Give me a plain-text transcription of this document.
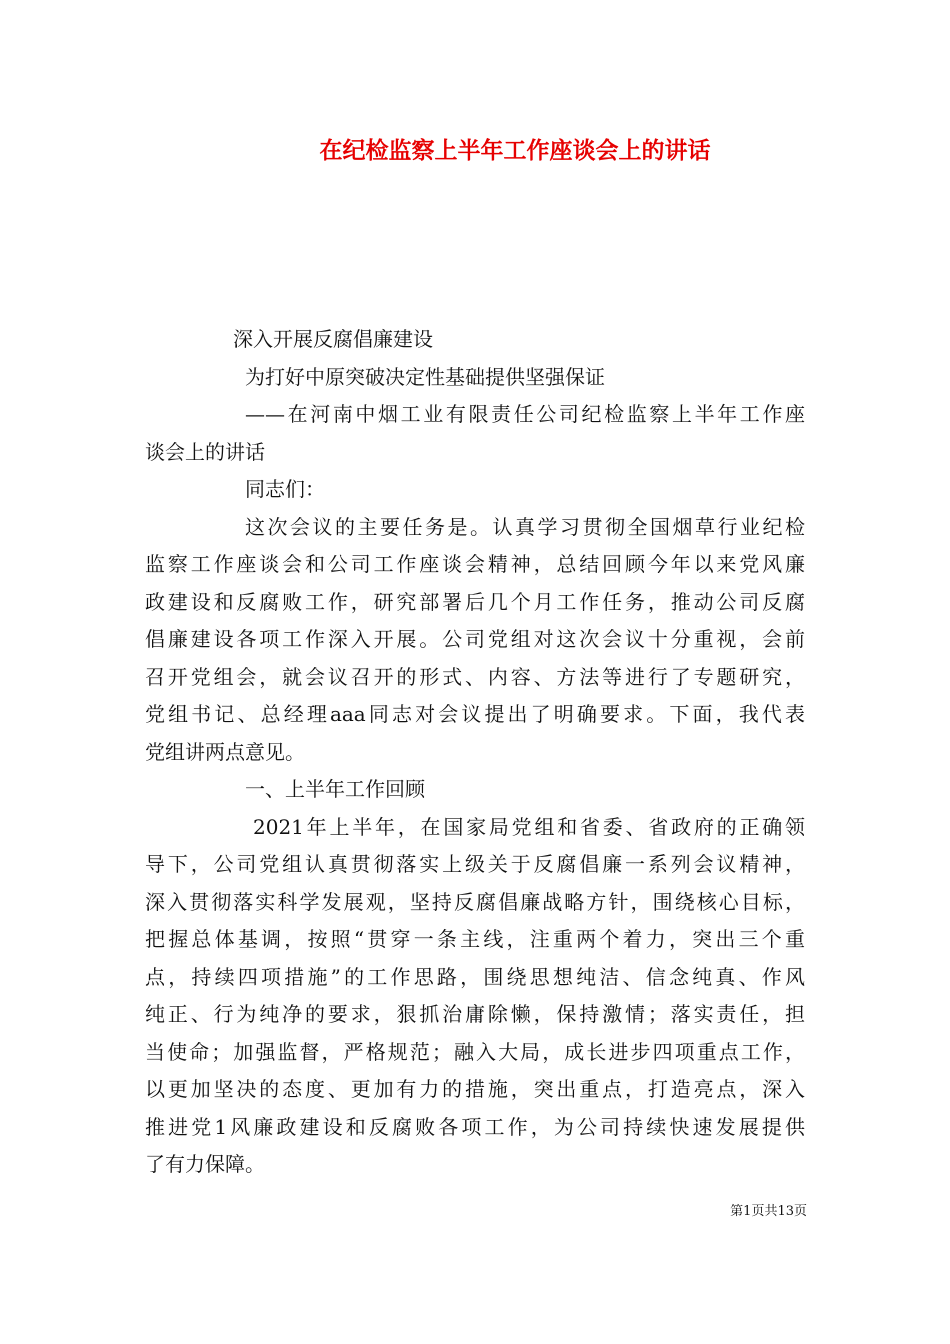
在纪检监察上半年工作座谈会上的讲话
深入开展反腐倡廉建设
为打好中原突破决定性基础提供坚强保证
——在河南中烟工业有限责任公司纪检监察上半年工作座
谈会上的讲话
同志们：
这次会议的主要任务是。认真学习贯彻全国烟草行业纪检
监察工作座谈会和公司工作座谈会精神，总结回顾今年以来党风廉
政建设和反腐败工作，研究部署后几个月工作任务，推动公司反腐
倡廉建设各项工作深入开展。公司党组对这次会议十分重视，会前
召开党组会，就会议召开的形式、内容、方法等进行了专题研究，
党组书记、总经理aaa同志对会议提出了明确要求。下面，我代表
党组讲两点意见。
一、上半年工作回顾
2021年上半年，在国家局党组和省委、省政府的正确领
导下，公司党组认真贯彻落实上级关于反腐倡廉一系列会议精神，
深入贯彻落实科学发展观，坚持反腐倡廉战略方针，围绕核心目标，
把握总体基调，按照“贯穿一条主线，注重两个着力，突出三个重
点，持续四项措施”的工作思路，围绕思想纯洁、信念纯真、作风
纯正、行为纯净的要求，狠抓治庸除懒，保持激情；落实责任，担
当使命；加强监督，严格规范；融入大局，成长进步四项重点工作，
以更加坚决的态度、更加有力的措施，突出重点，打造亮点，深入
推进党1风廉政建设和反腐败各项工作，为公司持续快速发展提供
了有力保障。
第1页共13页
